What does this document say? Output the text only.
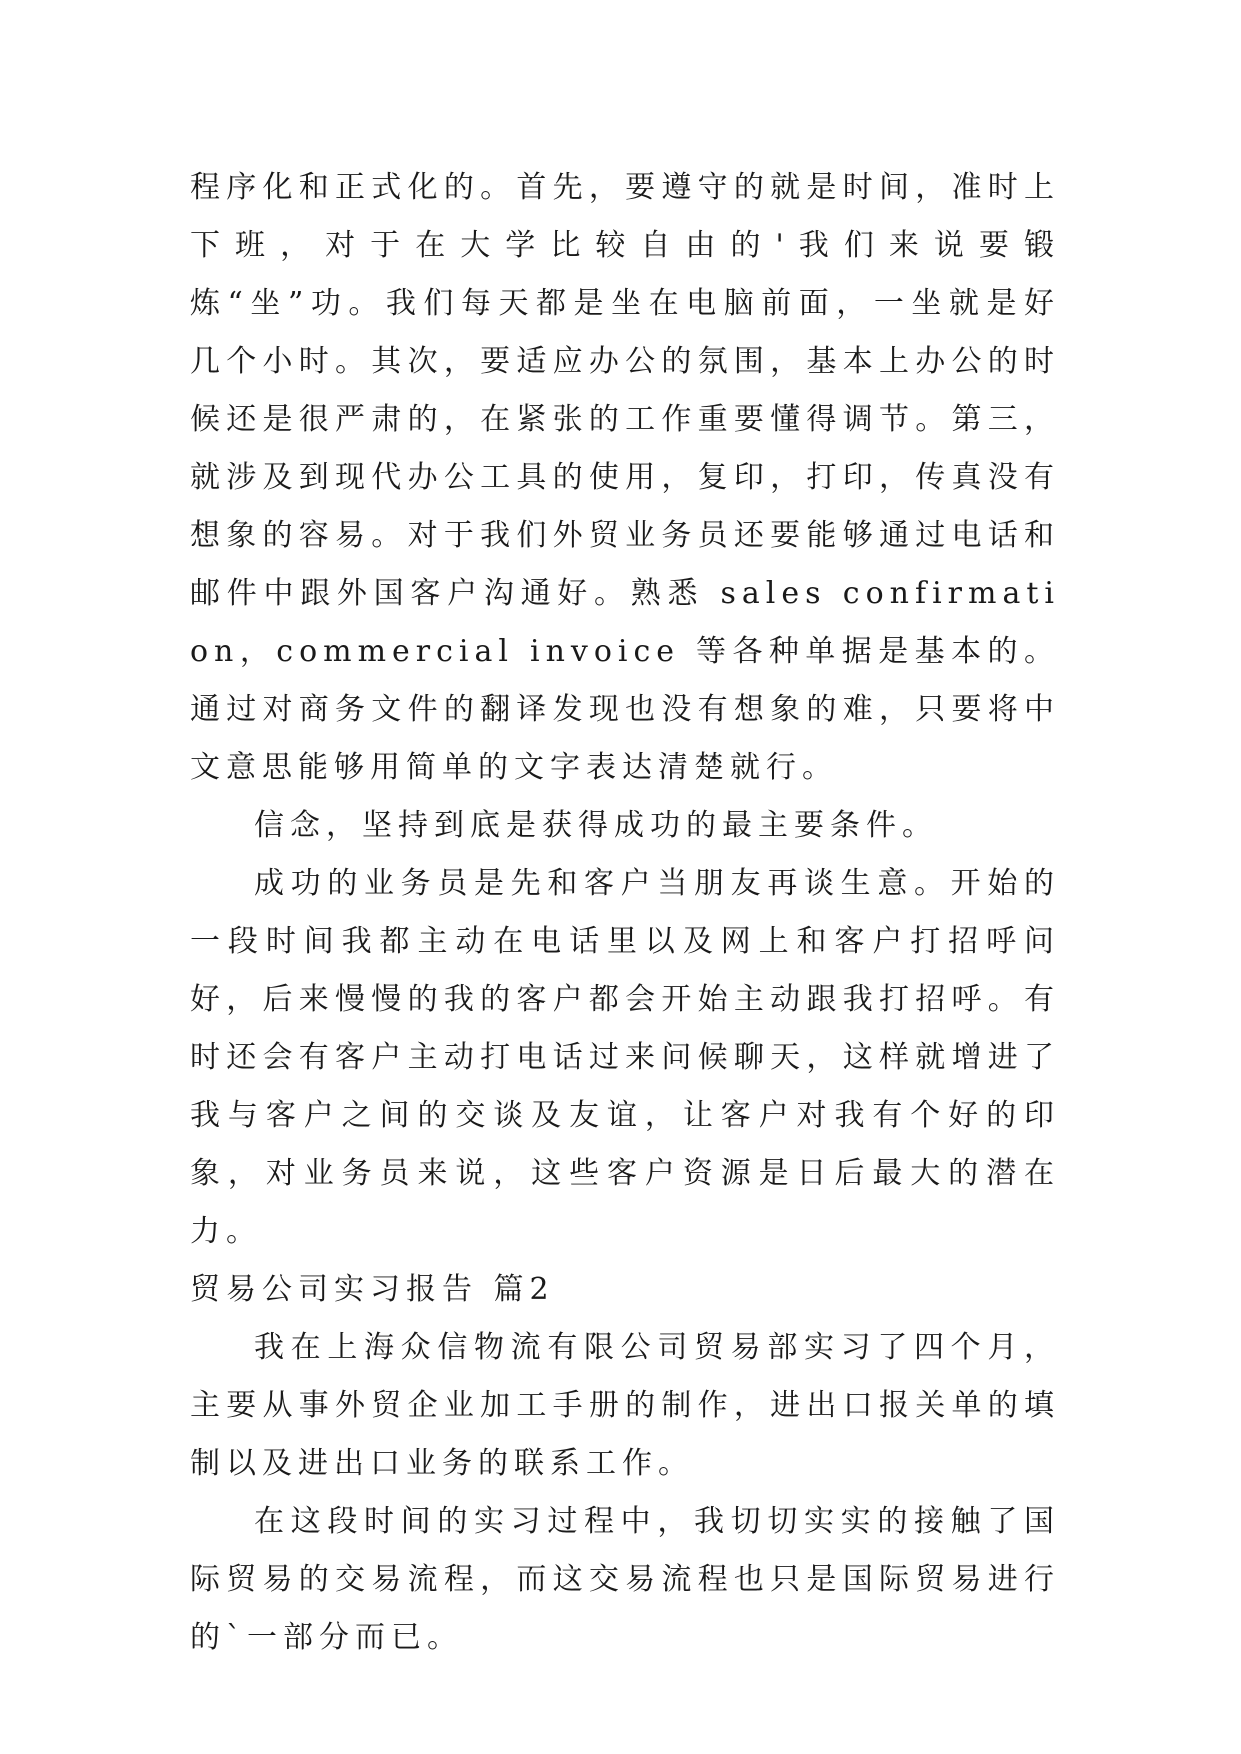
程序化和正式化的。首先，要遵守的就是时间，准时上下班，对于在大学比较自由的'我们来说要锻炼“坐”功。我们每天都是坐在电脑前面，一坐就是好几个小时。其次，要适应办公的氛围，基本上办公的时候还是很严肃的，在紧张的工作重要懂得调节。第三，就涉及到现代办公工具的使用，复印，打印，传真没有想象的容易。对于我们外贸业务员还要能够通过电话和邮件中跟外国客户沟通好。熟悉 sales confirmation，commercial invoice 等各种单据是基本的。通过对商务文件的翻译发现也没有想象的难，只要将中文意思能够用简单的文字表达清楚就行。

信念，坚持到底是获得成功的最主要条件。

成功的业务员是先和客户当朋友再谈生意。开始的一段时间我都主动在电话里以及网上和客户打招呼问好，后来慢慢的我的客户都会开始主动跟我打招呼。有时还会有客户主动打电话过来问候聊天，这样就增进了我与客户之间的交谈及友谊，让客户对我有个好的印象，对业务员来说，这些客户资源是日后最大的潜在力。

贸易公司实习报告 篇2

我在上海众信物流有限公司贸易部实习了四个月，主要从事外贸企业加工手册的制作，进出口报关单的填制以及进出口业务的联系工作。

在这段时间的实习过程中，我切切实实的接触了国际贸易的交易流程，而这交易流程也只是国际贸易进行的`一部分而已。
